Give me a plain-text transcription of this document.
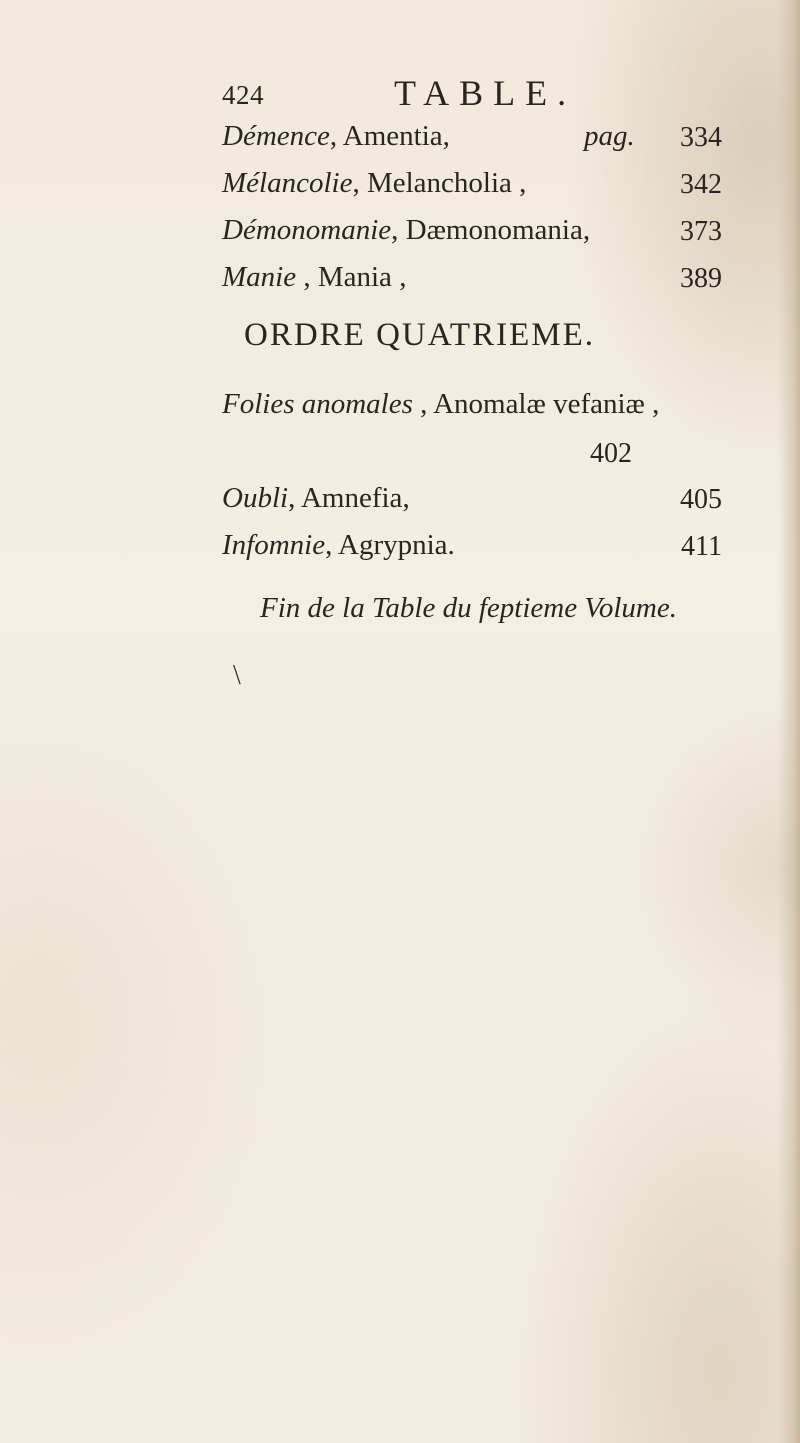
424	TABLE.
Démence, Amentia,	pag. 334
Mélancolie, Melancholia ,	342
Démonomanie, Dæmonomania,	373
Manie , Mania ,	389
ORDRE QUATRIEME.
Folies anomales , Anomalæ vefaniæ ,
402
Oubli, Amnefia,	405
Infomnie, Agrypnia.	411
Fin de la Table du feptieme Volume.
\
